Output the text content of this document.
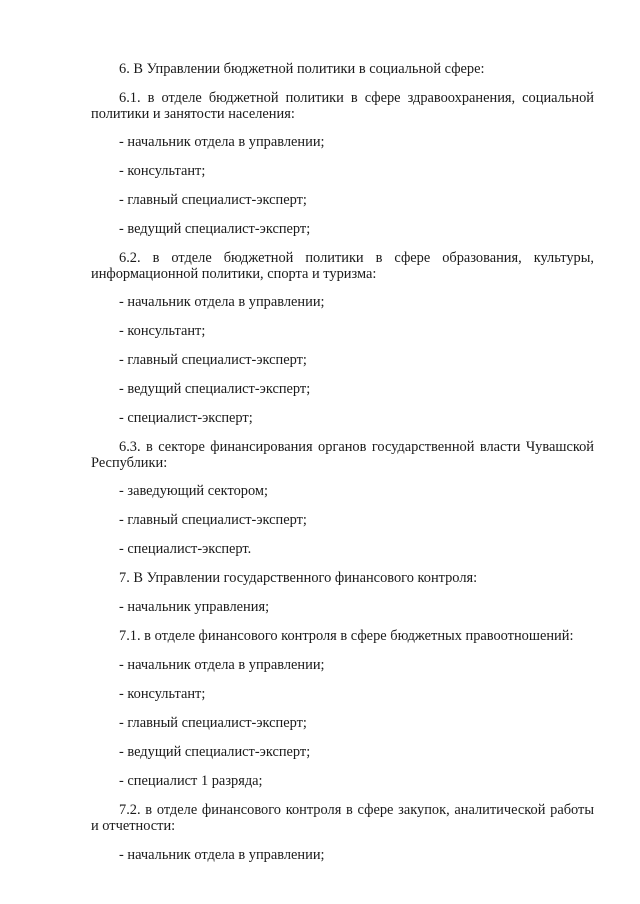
6. В Управлении бюджетной политики в социальной сфере:
6.1. в отделе бюджетной политики в сфере здравоохранения, социальной
политики и занятости населения:
- начальник отдела в управлении;
- консультант;
- главный специалист-эксперт;
- ведущий специалист-эксперт;
6.2. в отделе бюджетной политики в сфере образования, культуры,
информационной политики, спорта и туризма:
- начальник отдела в управлении;
- консультант;
- главный специалист-эксперт;
- ведущий специалист-эксперт;
- специалист-эксперт;
6.3. в секторе финансирования органов государственной власти Чувашской
Республики:
- заведующий сектором;
- главный специалист-эксперт;
- специалист-эксперт.
7. В Управлении государственного финансового контроля:
- начальник управления;
7.1. в отделе финансового контроля в сфере бюджетных правоотношений:
- начальник отдела в управлении;
- консультант;
- главный специалист-эксперт;
- ведущий специалист-эксперт;
- специалист 1 разряда;
7.2. в отделе финансового контроля в сфере закупок, аналитической работы
и отчетности:
- начальник отдела в управлении;
